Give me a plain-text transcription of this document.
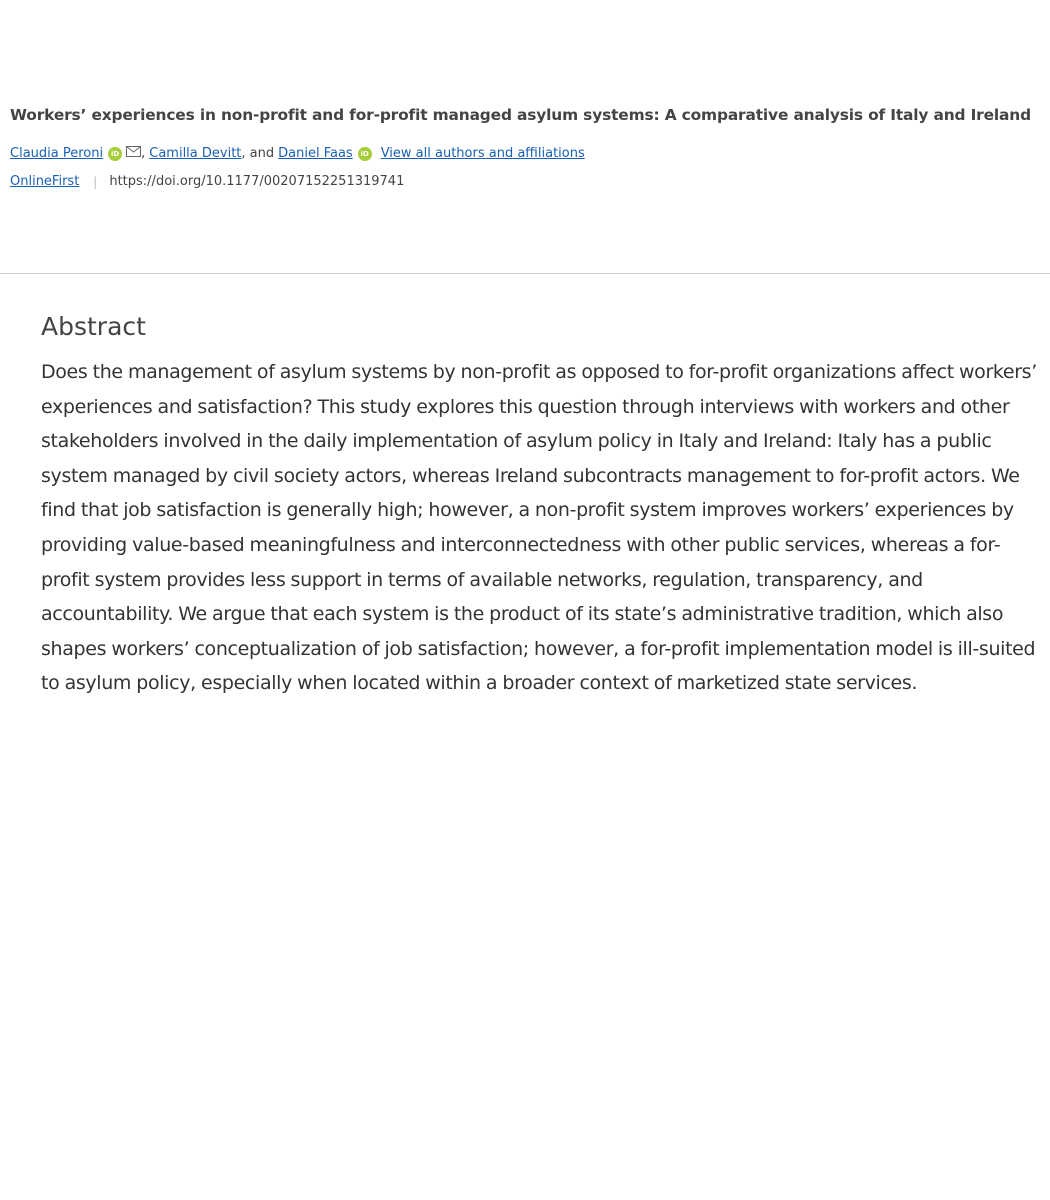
Workers’ experiences in non-profit and for-profit managed asylum systems: A comparative analysis of Italy and Ireland
Claudia Peroni	iD , Camilla Devitt , and Daniel Faas	iD View all authors and affiliations
OnlineFirst | https://doi.org/10.1177/00207152251319741
Abstract

Does the management of asylum systems by non-profit as opposed to for-profit organizations affect workers’ experiences and satisfaction? This study explores this question through interviews with workers and other stakeholders involved in the daily implementation of asylum policy in Italy and Ireland: Italy has a public system managed by civil society actors, whereas Ireland subcontracts management to for-profit actors. We find that job satisfaction is generally high; however, a non-profit system improves workers’ experiences by providing value-based meaningfulness and interconnectedness with other public services, whereas a for-profit system provides less support in terms of available networks, regulation, transparency, and accountability. We argue that each system is the product of its state’s administrative tradition, which also shapes workers’ conceptualization of job satisfaction; however, a for-profit implementation model is ill-suited to asylum policy, especially when located within a broader context of marketized state services.
